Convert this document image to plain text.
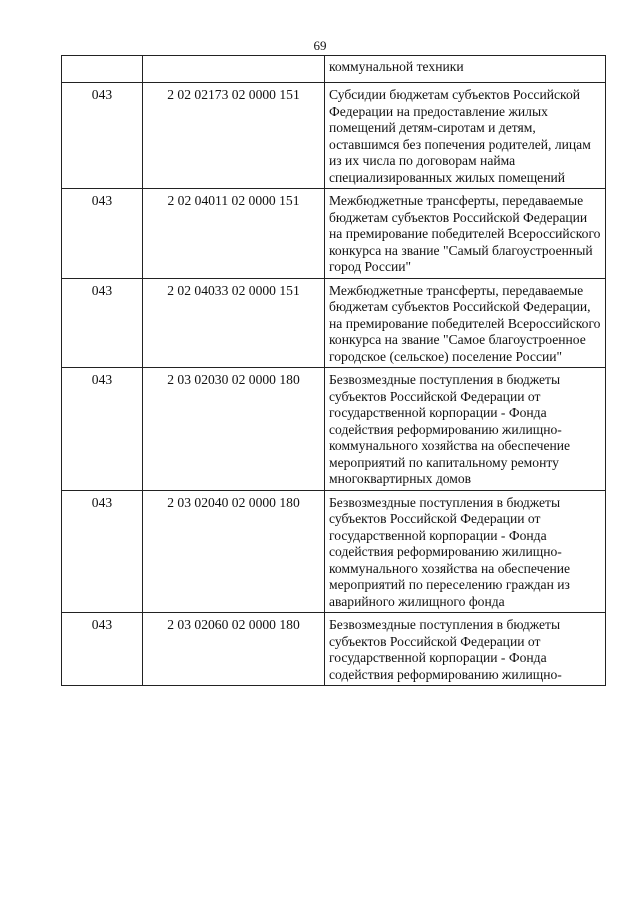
69
		коммунальной техники
043	2 02 02173 02 0000 151	Субсидии бюджетам субъектов Российской Федерации на предоставление жилых помещений детям-сиротам и детям, оставшимся без попечения родителей, лицам из их числа по договорам найма специализированных жилых помещений
043	2 02 04011 02 0000 151	Межбюджетные трансферты, передаваемые бюджетам субъектов Российской Федерации на премирование победителей Всероссийского конкурса на звание "Самый благоустроенный город России"
043	2 02 04033 02 0000 151	Межбюджетные трансферты, передаваемые бюджетам субъектов Российской Федерации, на премирование победителей Всероссийского конкурса на звание "Самое благоустроенное городское (сельское) поселение России"
043	2 03 02030 02 0000 180	Безвозмездные поступления в бюджеты субъектов Российской Федерации от государственной корпорации - Фонда содействия реформированию жилищно-коммунального хозяйства на обеспечение мероприятий по капитальному ремонту многоквартирных домов
043	2 03 02040 02 0000 180	Безвозмездные поступления в бюджеты субъектов Российской Федерации от государственной корпорации - Фонда содействия реформированию жилищно-коммунального хозяйства на обеспечение мероприятий по переселению граждан из аварийного жилищного фонда
043	2 03 02060 02 0000 180	Безвозмездные поступления в бюджеты субъектов Российской Федерации от государственной корпорации - Фонда содействия реформированию жилищно-
